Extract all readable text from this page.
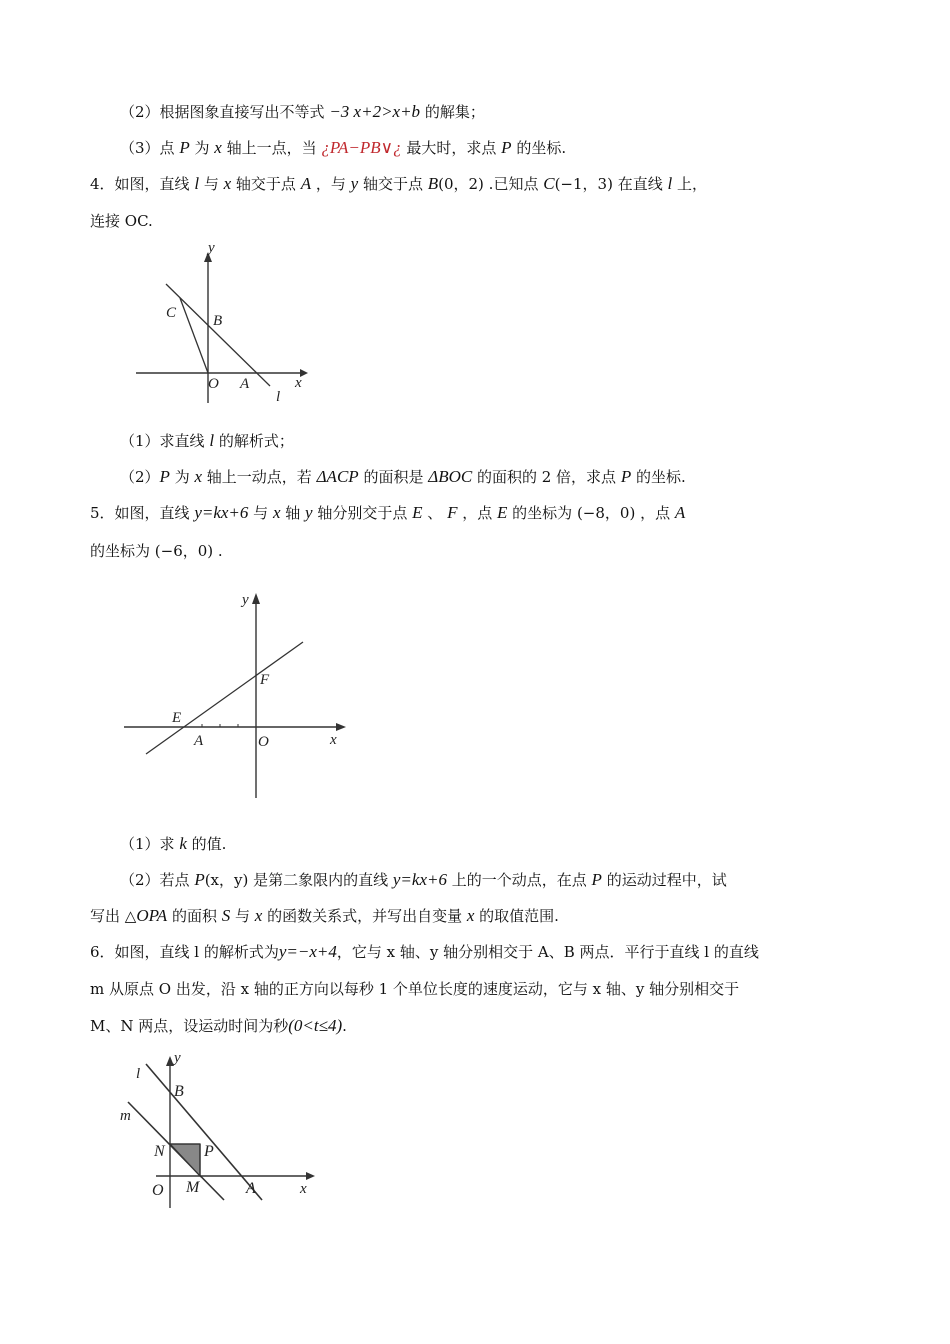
（2）根据图象直接写出不等式 −3 x+2>x+b 的解集；
（3）点 P 为 x 轴上一点，当 ¿PA−PB∨¿ 最大时，求点 P 的坐标.
4．如图，直线 l 与 x 轴交于点 A ，与 y 轴交于点 B(0，2) .已知点 C(−1，3) 在直线 l 上，
连接 OC.
y
C B
O A	x
l
（1）求直线 l 的解析式；
（2）P 为 x 轴上一动点，若 ΔACP 的面积是 ΔBOC 的面积的 2 倍，求点 P 的坐标.
5．如图，直线 y=kx+6 与 x 轴 y 轴分别交于点 E 、 F ，点 E 的坐标为 (−8，0) ，点 A
的坐标为 (−6，0) .
y
F
E
A	O	x
（1）求 k 的值.
（2）若点 P(x，y) 是第二象限内的直线 y=kx+6 上的一个动点，在点 P 的运动过程中，试
写出 △OPA 的面积 S 与 x 的函数关系式，并写出自变量 x 的取值范围.
6．如图，直线 l 的解析式为y=−x+4，它与 x 轴、y 轴分别相交于 A、B 两点．平行于直线 l 的直线
m 从原点 O 出发，沿 x 轴的正方向以每秒 1 个单位长度的速度运动，它与 x 轴、y 轴分别相交于
M、N 两点，设运动时间为秒(0<t≤4).
y
l
B
m
N P
O M	A	x
